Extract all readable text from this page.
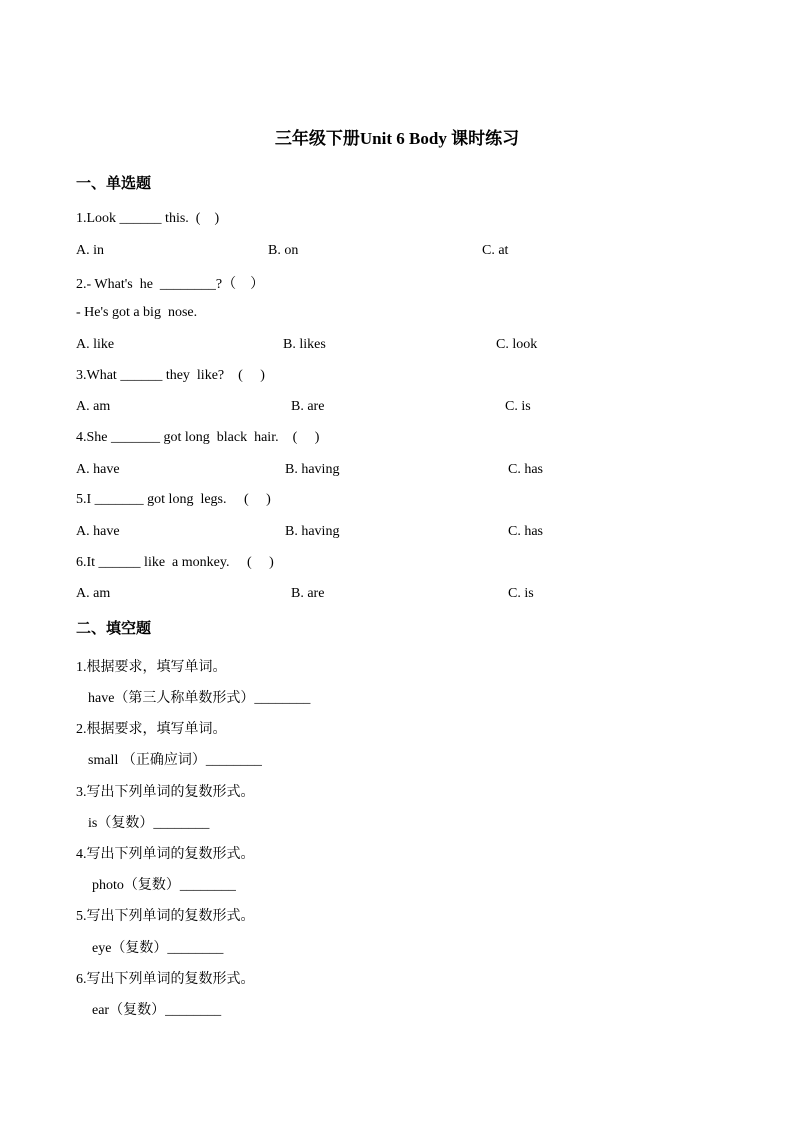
三年级下册Unit 6 Body 课时练习
一、单选题
1.Look ______ this.  (    )
A. in	B. on	C. at
2.- What's  he  ________?（    ）
- He's got a big  nose.
A. like	B. likes	C. look
3.What ______ they  like?    (     )
A. am	B. are	C. is
4.She _______ got long  black  hair.    (     )
A. have	B. having	C. has
5.I _______ got long  legs.     (     )
A. have	B. having	C. has
6.It ______ like  a monkey.     (     )
A. am	B. are	C. is
二、填空题
1.根据要求，填写单词。
have（第三人称单数形式）________
2.根据要求，填写单词。
small （正确应词）________
3.写出下列单词的复数形式。
is（复数）________
4.写出下列单词的复数形式。
photo（复数）________
5.写出下列单词的复数形式。
eye（复数）________
6.写出下列单词的复数形式。
ear（复数）________
